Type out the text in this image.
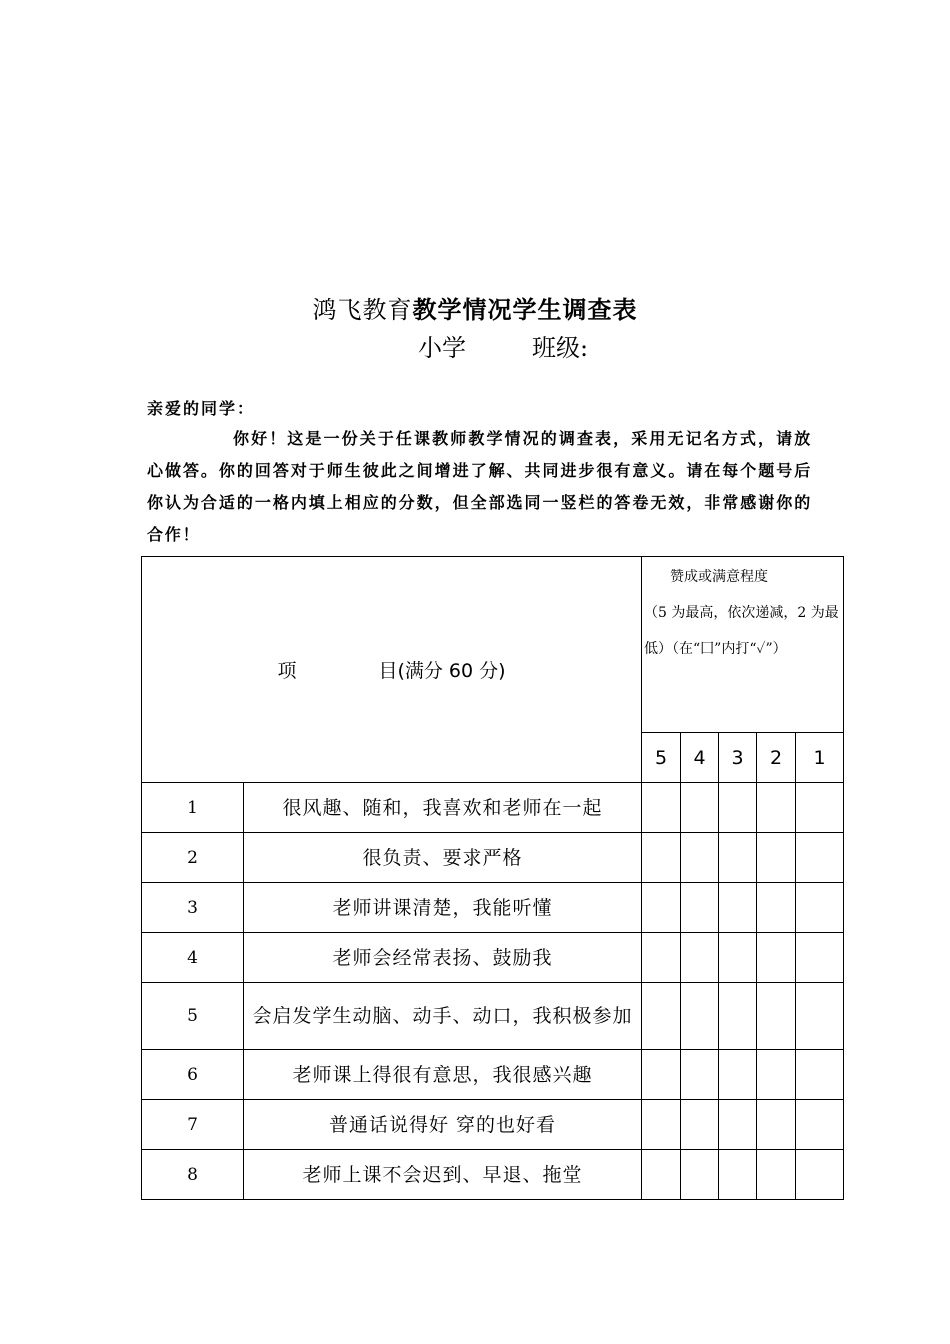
鸿飞教育教学情况学生调查表
小学	班级:
亲爱的同学：
你好！这是一份关于任课教师教学情况的调查表，采用无记名方式，请放心做答。你的回答对于师生彼此之间增进了解、共同进步很有意义。请在每个题号后你认为合适的一格内填上相应的分数，但全部选同一竖栏的答卷无效，非常感谢你的合作！
项 目(满分 60 分)		赞成或满意程度
（5 为最高，依次递减，2 为最低）（在“囗”内打“✓”）				
		5	4	3	2	1
1	很风趣、随和，我喜欢和老师在一起					
2	很负责、要求严格					
3	老师讲课清楚，我能听懂					
4	老师会经常表扬、鼓励我					
5	会启发学生动脑、动手、动口，我积极参加					
6	老师课上得很有意思，我很感兴趣					
7	普通话说得好 穿的也好看					
8	老师上课不会迟到、早退、拖堂					
